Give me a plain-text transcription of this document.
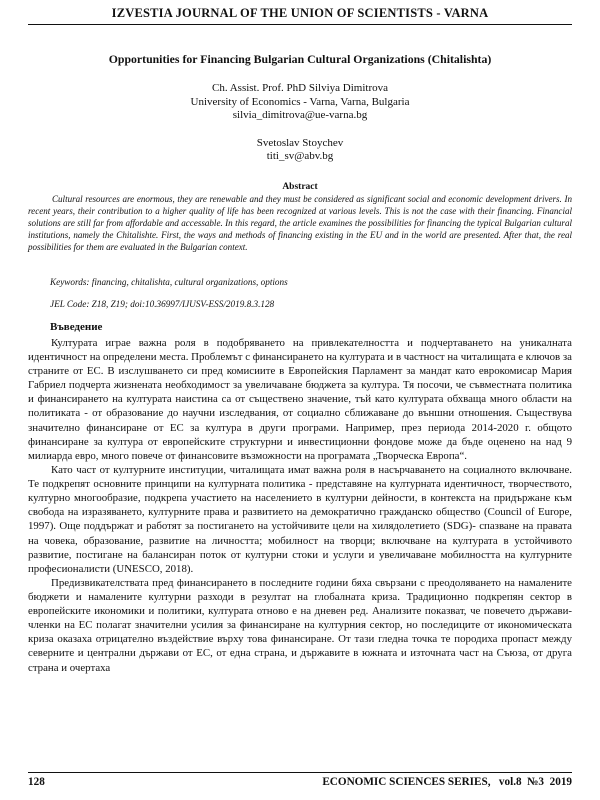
IZVESTIA JOURNAL OF THE UNION OF SCIENTISTS - VARNA
Opportunities for Financing Bulgarian Cultural Organizations (Chitalishta)
Ch. Assist. Prof. PhD Silviya Dimitrova
University of Economics - Varna, Varna, Bulgaria
silvia_dimitrova@ue-varna.bg
Svetoslav Stoychev
titi_sv@abv.bg
Abstract
Cultural resources are enormous, they are renewable and they must be considered as significant social and economic development drivers. In recent years, their contribution to a higher quality of life has been recognized at various levels. This is not the case with their financing. Financial solutions are still far from affordable and accessable. In this regard, the article examines the possibilities for financing the typical Bulgarian cultural institutions, namely the Chitalishte. First, the ways and methods of financing existing in the EU and in the world are presented. After that, the real possibilities for them are evaluated in the Bulgarian context.
Keywords: financing, chitalishta, cultural organizations, options
JEL Code: Z18, Z19; doi:10.36997/IJUSV-ESS/2019.8.3.128
Въведение

Културата играе важна роля в подобряването на привлекателността и подчертаването на уникалната идентичност на определени места. Проблемът с финансирането на културата и в частност на читалищата е ключов за страните от ЕС. В изслушването си пред комисиите в Европейския Парламент за мандат като еврокомисар Мария Габриел подчерта жизнената необходимост за увеличаване бюджета за култура. Тя посочи, че съвместната политика и финансирането на културата наистина са от съществено значение, тъй като културата обхваща много области на политиката - от образование до научни изследвания, от социално сближаване до външни отношения. Съществува значително финансиране от ЕС за култура в други програми. Например, през периода 2014-2020 г. общото финансиране за култура от европейските структурни и инвестиционни фондове може да бъде оценено на над 9 милиарда евро, много повече от финансовите възможности на програмата „Творческа Европа“.

Като част от културните институции, читалищата имат важна роля в насърчаването на социалното включване. Те подкрепят основните принципи на културната политика - представяне на културната идентичност, творчеството, културно многообразие, подкрепа участието на населението в културни дейности, в контекста на придържане към свобода на изразяването, културните права и развитието на демократично гражданско общество (Council of Europe, 1997). Още поддържат и работят за постигането на устойчивите цели на хилядолетието (SDG)- спазване на правата на човека, образование, развитие на личността; мобилност на творци; включване на културата в устойчивото развитие, постигане на балансиран поток от културни стоки и услуги и увеличаване мобилността на културните професионалисти (UNESCO, 2018).

Предизвикателствата пред финансирането в последните години бяха свързани с преодоляването на намалените бюджети и намалените културни разходи в резултат на глобалната криза. Традиционно подкрепян сектор в европейските икономики и политики, културата отново е на дневен ред. Анализите показват, че повечето държави-членки на ЕС полагат значителни усилия за финансиране на културния сектор, но последиците от икономическата криза оказаха отрицателно въздействие върху това финансиране. От тази гледна точка те породиха пропаст между северните и централни държави от ЕС, от една страна, и държавите в южната и източната част на Съюза, от друга страна и очертаха

128	ECONOMIC SCIENCES SERIES, vol.8 №3 2019
